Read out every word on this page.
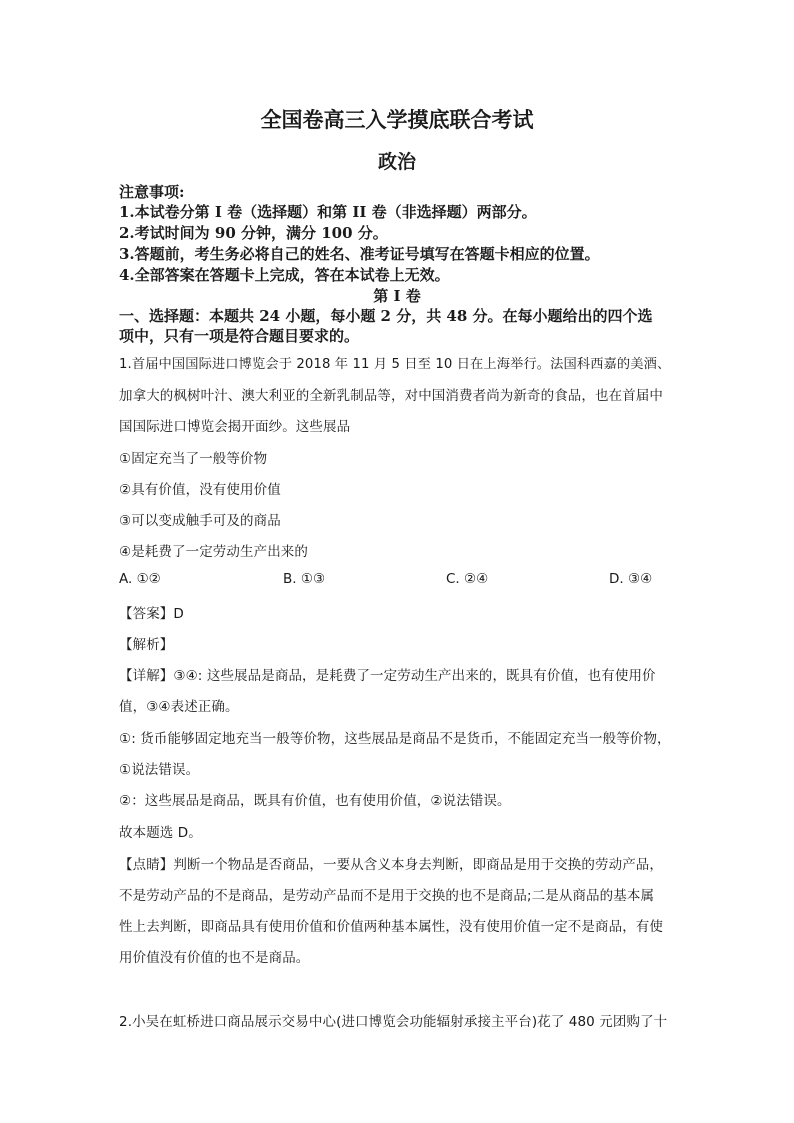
全国卷高三入学摸底联合考试
政治
注意事项:
1.本试卷分第 I 卷（选择题）和第 II 卷（非选择题）两部分。
2.考试时间为 90 分钟，满分 100 分。
3.答题前，考生务必将自己的姓名、准考证号填写在答题卡相应的位置。
4.全部答案在答题卡上完成，答在本试卷上无效。
第 I 卷
一、选择题：本题共 24 小题，每小题 2 分，共 48 分。在每小题给出的四个选
项中，只有一项是符合题目要求的。
1.首届中国国际进口博览会于 2018 年 11 月 5 日至 10 日在上海举行。法国科西嘉的美酒、
加拿大的枫树叶汁、澳大利亚的全新乳制品等，对中国消费者尚为新奇的食品，也在首届中
国国际进口博览会揭开面纱。这些展品
①固定充当了一般等价物
②具有价值，没有使用价值
③可以变成触手可及的商品
④是耗费了一定劳动生产出来的
A. ①②	B. ①③	C. ②④	D. ③④
【答案】D
【解析】
【详解】③④: 这些展品是商品，是耗费了一定劳动生产出来的，既具有价值，也有使用价
值，③④表述正确。
①: 货币能够固定地充当一般等价物，这些展品是商品不是货币，不能固定充当一般等价物，
①说法错误。
②：这些展品是商品，既具有价值，也有使用价值，②说法错误。
故本题选 D。
【点睛】判断一个物品是否商品，一要从含义本身去判断，即商品是用于交换的劳动产品，
不是劳动产品的不是商品，是劳动产品而不是用于交换的也不是商品;二是从商品的基本属
性上去判断，即商品具有使用价值和价值两种基本属性，没有使用价值一定不是商品，有使
用价值没有价值的也不是商品。
2.小吴在虹桥进口商品展示交易中心(进口博览会功能辐射承接主平台)花了 480 元团购了十
